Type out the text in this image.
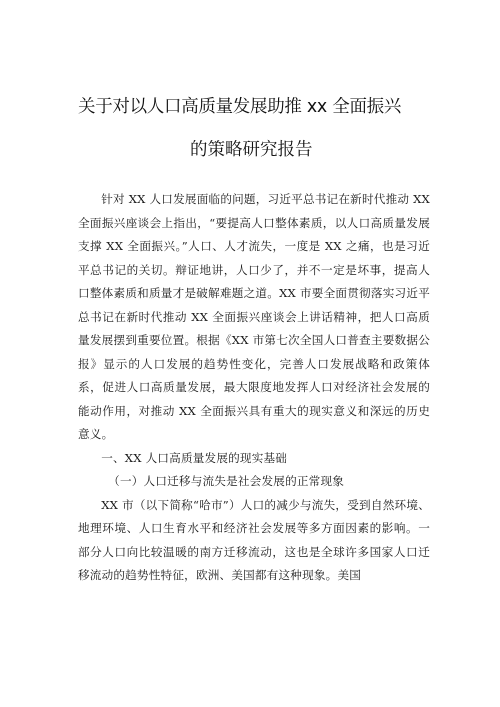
关于对以人口高质量发展助推 xx 全面振兴
的策略研究报告

针对 XX 人口发展面临的问题，习近平总书记在新时代推动 XX 全面振兴座谈会上指出，“要提高人口整体素质，以人口高质量发展支撑 XX 全面振兴。”人口、人才流失，一度是 XX 之痛，也是习近平总书记的关切。辩证地讲，人口少了，并不一定是坏事，提高人口整体素质和质量才是破解难题之道。XX 市要全面贯彻落实习近平总书记在新时代推动 XX 全面振兴座谈会上讲话精神，把人口高质量发展摆到重要位置。根据《XX 市第七次全国人口普查主要数据公报》显示的人口发展的趋势性变化，完善人口发展战略和政策体系，促进人口高质量发展，最大限度地发挥人口对经济社会发展的能动作用，对推动 XX 全面振兴具有重大的现实意义和深远的历史意义。

一、XX 人口高质量发展的现实基础

（一）人口迁移与流失是社会发展的正常现象

XX 市（以下简称“哈市”）人口的减少与流失，受到自然环境、地理环境、人口生育水平和经济社会发展等多方面因素的影响。一部分人口向比较温暖的南方迁移流动，这也是全球许多国家人口迁移流动的趋势性特征，欧洲、美国都有这种现象。美国
